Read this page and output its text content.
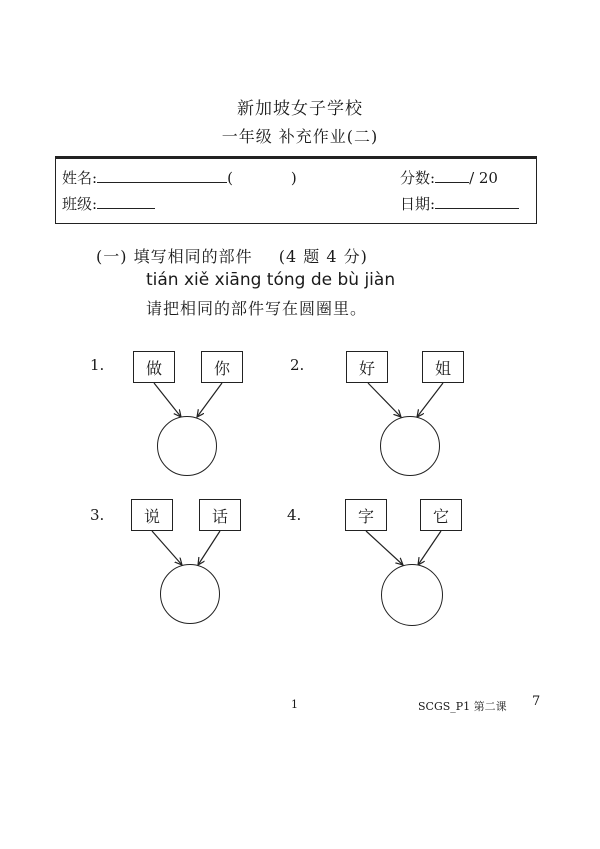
新加坡女子学校
一年级 补充作业(二)
姓名:	(	)	分数: / 20
班级:	日期:
(一) 填写相同的部件 (4 题 4 分)
tián xiě xiāng tóng de bù jiàn
请把相同的部件写在圆圈里。
1.	做	你	2.	好	姐
3.	说	话	4.	字	它
1	SCGS_P1 第二课 7
